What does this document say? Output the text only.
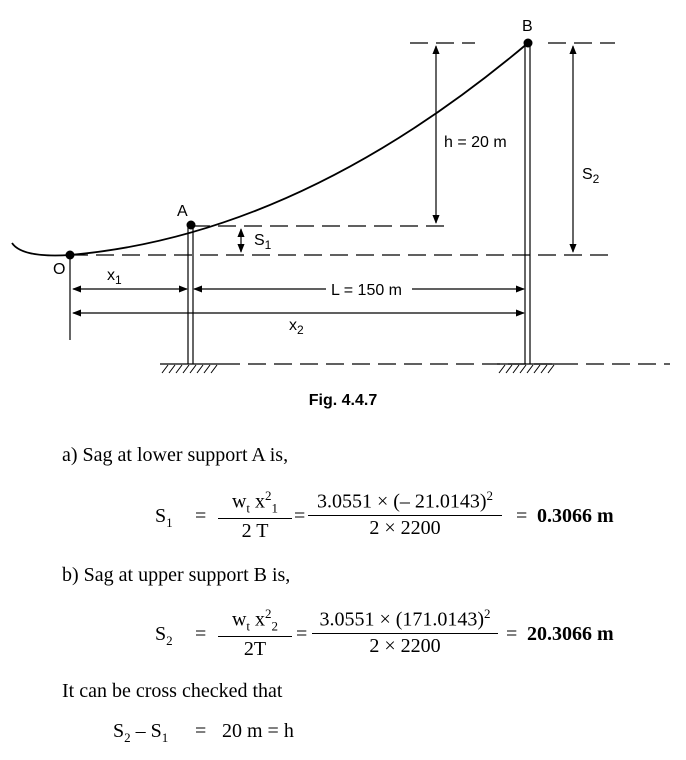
B
A
O
h = 20 m
$S_2$
$S_1$
$x_1$
L = 150 m
$x_2$
Fig. 4.4.7
a) Sag at lower support A is,
$S_1 = \frac{w_t x^2_1}{2 T} = \frac{3.0551 \times (- 21.0143)^2}{2 \times 2200} = 0.3066$ m
b) Sag at upper support B is,
$S_2 = \frac{w_t x^2_2}{2T} = \frac{3.0551 \times (171.0143)^2}{2 \times 2200} = 20.3066$ m
It can be cross checked that
$S_2 - S_1 = 20$ m = h
